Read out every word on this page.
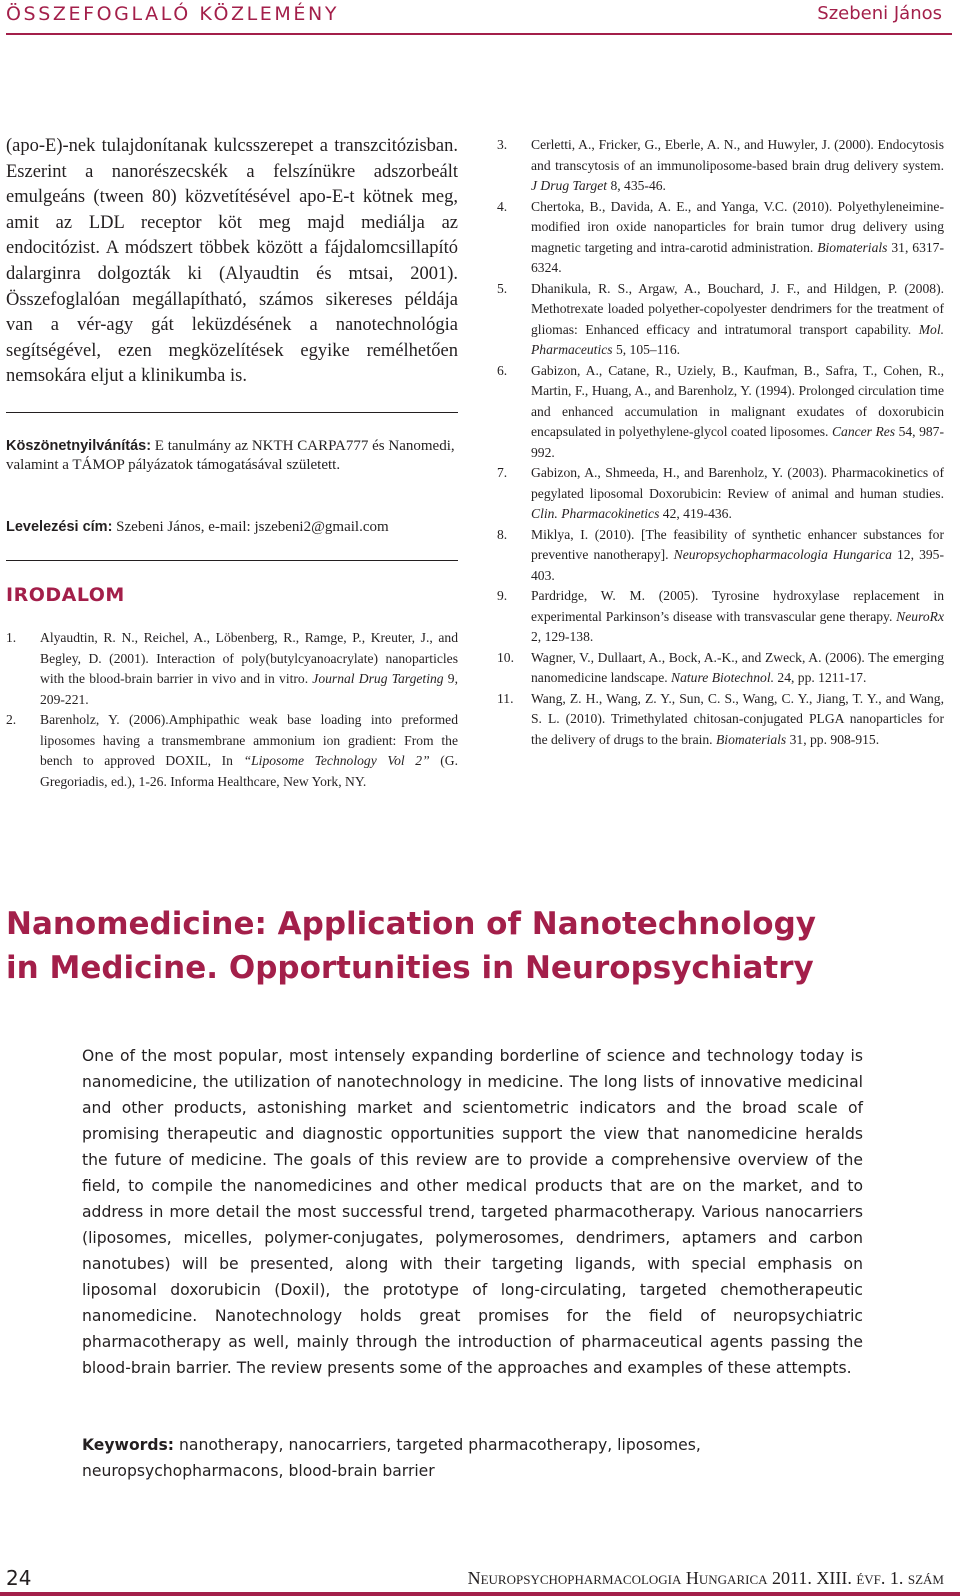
ÖSSZEFOGLALÓ KÖZLEMÉNY	Szebeni János

(apo-E)-nek tulajdonítanak kulcsszerepet a transzcitózisban. Eszerint a nanorészecskék a felszínükre adszorbeált emulgeáns (tween 80) közvetítésével apo-E-t kötnek meg, amit az LDL receptor köt meg majd mediálja az endocitózist. A módszert többek között a fájdalomcsillapító dalarginra dolgozták ki (Alyaudtin és mtsai, 2001). Összefoglalóan megállapítható, számos sikereses példája van a vér-agy gát leküzdésének a nanotechnológia segítségével, ezen megközelítések egyike remélhetően nemsokára eljut a klinikumba is.

Köszönetnyilvánítás: E tanulmány az NKTH CARPA777 és Nanomedi, valamint a TÁMOP pályázatok támogatásával született.

Levelezési cím: Szebeni János, e-mail: jszebeni2@gmail.com

IRODALOM
1. Alyaudtin, R. N., Reichel, A., Löbenberg, R., Ramge, P., Kreuter, J., and Begley, D. (2001). Interaction of poly(butylcyanoacrylate) nanoparticles with the blood-brain barrier in vivo and in vitro. Journal Drug Targeting 9, 209-221.
2. Barenholz, Y. (2006).Amphipathic weak base loading into preformed liposomes having a transmembrane ammonium ion gradient: From the bench to approved DOXIL, In “Liposome Technology Vol 2” (G. Gregoriadis, ed.), 1-26. Informa Healthcare, New York, NY.
3. Cerletti, A., Fricker, G., Eberle, A. N., and Huwyler, J. (2000). Endocytosis and transcytosis of an immunoliposome-based brain drug delivery system. J Drug Target 8, 435-46.
4. Chertoka, B., Davida, A. E., and Yanga, V.C. (2010). Polyethyleneimine-modified iron oxide nanoparticles for brain tumor drug delivery using magnetic targeting and intra-carotid administration. Biomaterials 31, 6317-6324.
5. Dhanikula, R. S., Argaw, A., Bouchard, J. F., and Hildgen, P. (2008). Methotrexate loaded polyether-copolyester dendrimers for the treatment of gliomas: Enhanced efficacy and intratumoral transport capability. Mol. Pharmaceutics 5, 105–116.
6. Gabizon, A., Catane, R., Uziely, B., Kaufman, B., Safra, T., Cohen, R., Martin, F., Huang, A., and Barenholz, Y. (1994). Prolonged circulation time and enhanced accumulation in malignant exudates of doxorubicin encapsulated in polyethylene-glycol coated liposomes. Cancer Res 54, 987-992.
7. Gabizon, A., Shmeeda, H., and Barenholz, Y. (2003). Pharmacokinetics of pegylated liposomal Doxorubicin: Review of animal and human studies. Clin. Pharmacokinetics 42, 419-436.
8. Miklya, I. (2010). [The feasibility of synthetic enhancer substances for preventive nanotherapy]. Neuropsychopharmacologia Hungarica 12, 395-403.
9. Pardridge, W. M. (2005). Tyrosine hydroxylase replacement in experimental Parkinson’s disease with transvascular gene therapy. NeuroRx 2, 129-138.
10. Wagner, V., Dullaart, A., Bock, A.-K., and Zweck, A. (2006). The emerging nanomedicine landscape. Nature Biotechnol. 24, pp. 1211-17.
11. Wang, Z. H., Wang, Z. Y., Sun, C. S., Wang, C. Y., Jiang, T. Y., and Wang, S. L. (2010). Trimethylated chitosan-conjugated PLGA nanoparticles for the delivery of drugs to the brain. Biomaterials 31, pp. 908-915.
Nanomedicine: Application of Nanotechnology
in Medicine. Opportunities in Neuropsychiatry

One of the most popular, most intensely expanding borderline of science and technology today is nanomedicine, the utilization of nanotechnology in medicine. The long lists of innovative medicinal and other products, astonishing market and scientometric indicators and the broad scale of promising therapeutic and diagnostic opportunities support the view that nanomedicine heralds the future of medicine. The goals of this review are to provide a comprehensive overview of the field, to compile the nanomedicines and other medical products that are on the market, and to address in more detail the most successful trend, targeted pharmacotherapy. Various nanocarriers (liposomes, micelles, polymer-conjugates, polymerosomes, dendrimers, aptamers and carbon nanotubes) will be presented, along with their targeting ligands, with special emphasis on liposomal doxorubicin (Doxil), the prototype of long-circulating, targeted chemotherapeutic nanomedicine. Nanotechnology holds great promises for the field of neuropsychiatric pharmacotherapy as well, mainly through the introduction of pharmaceutical agents passing the blood-brain barrier. The review presents some of the approaches and examples of these attempts.

Keywords: nanotherapy, nanocarriers, targeted pharmacotherapy, liposomes, neuropsychopharmacons, blood-brain barrier

24	Neuropsychopharmacologia Hungarica 2011. XIII. évf. 1. szám
